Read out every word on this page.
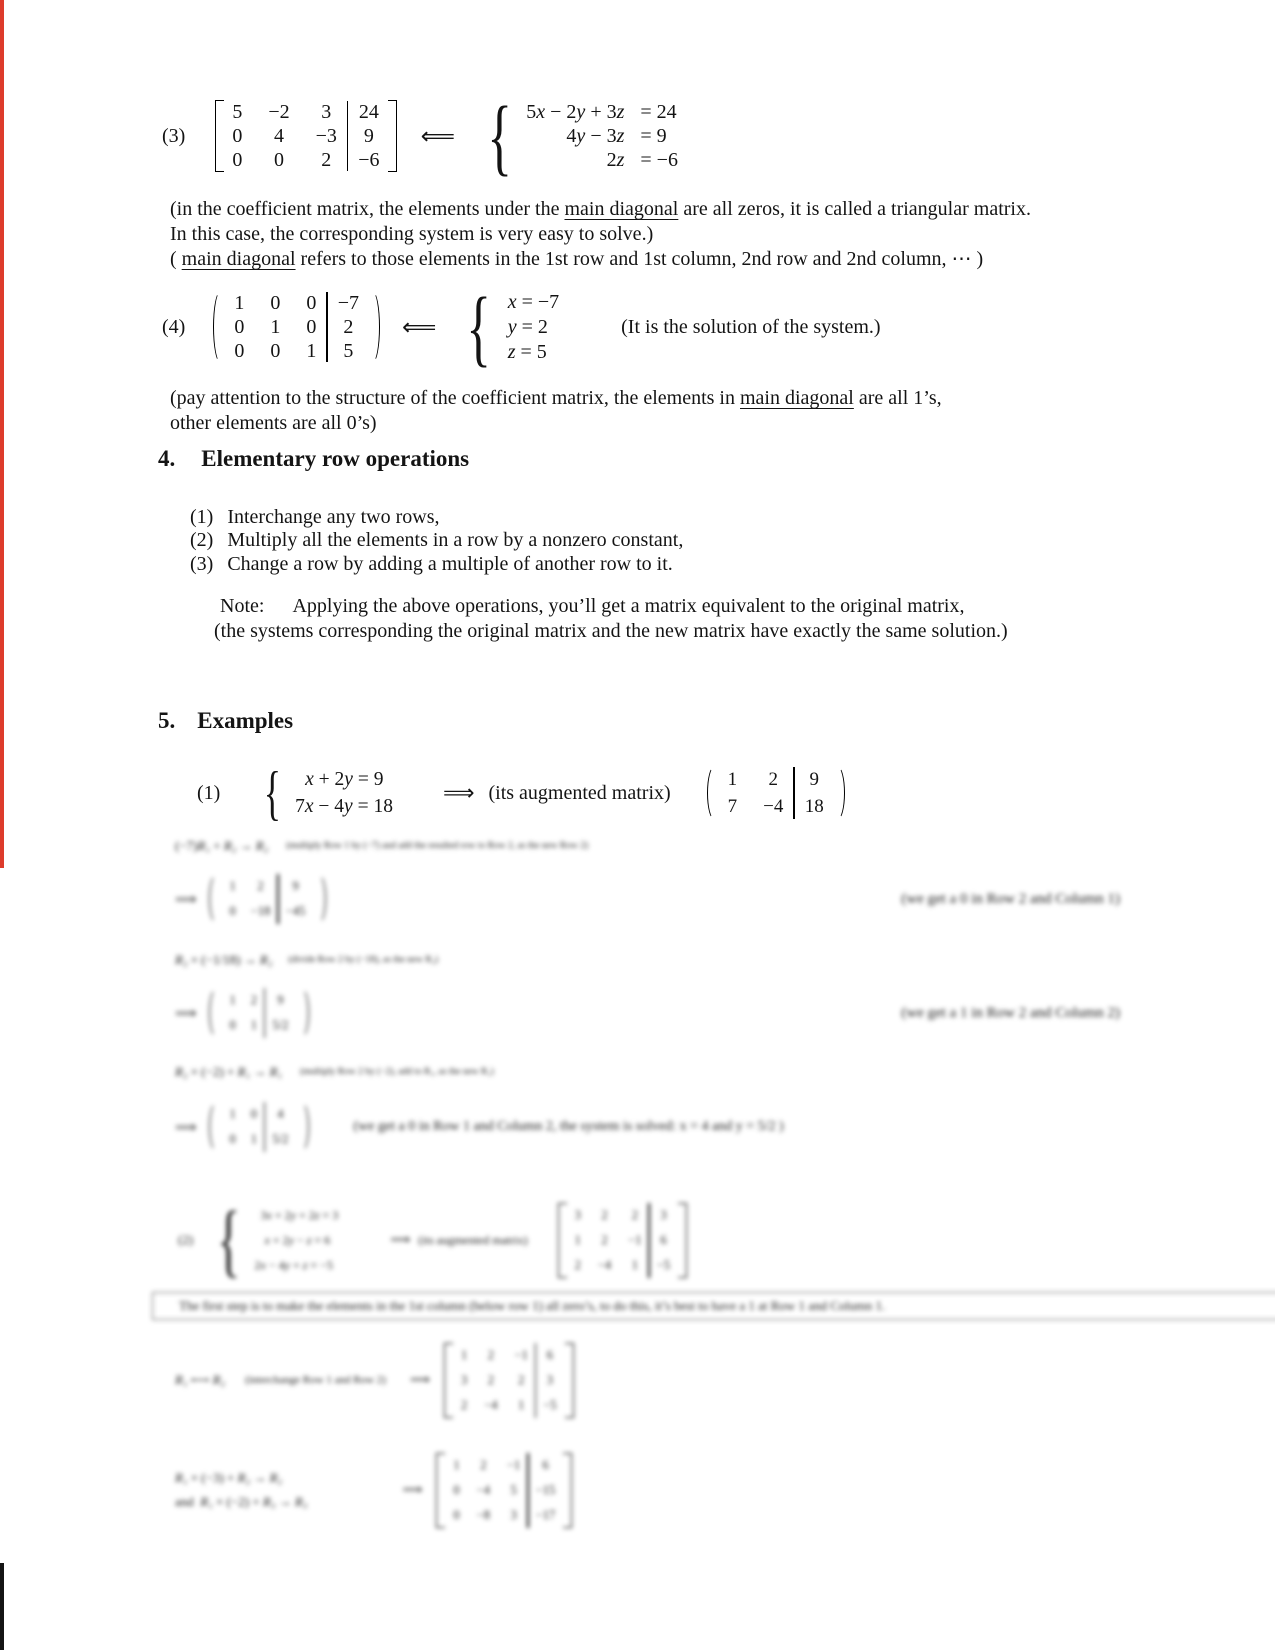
(3)
5 −2 3
0 4 −3
0 0 2
24
9
−6
⟸ { 5x − 2y + 3z = 24
4y − 3z = 9
2z = −6
(in the coefficient matrix, the elements under the main diagonal are all zeros, it is called a triangular matrix.
In this case, the corresponding system is very easy to solve.)
( main diagonal refers to those elements in the 1st row and 1st column, 2nd row and 2nd column, ⋯ )
(4)
1 0 0
0 1 0
0 0 1
−7
2
5
⟸ { x = −7
y = 2
z = 5
(It is the solution of the system.)
(pay attention to the structure of the coefficient matrix, the elements in main diagonal are all 1’s,
other elements are all 0’s)
4. Elementary row operations
(1) Interchange any two rows,
(2) Multiply all the elements in a row by a nonzero constant,
(3) Change a row by adding a multiple of another row to it.
Note: Applying the above operations, you’ll get a matrix equivalent to the original matrix,
(the systems corresponding the original matrix and the new matrix have exactly the same solution.)
5. Examples
(1) {	x + 2y = 9
7x − 4y = 18
⟹ (its augmented matrix)
1 2
7 −4
9
18
(−7)R₁ + R₂ → R₂ (multiply Row 1 by (−7) and add the resulted row to Row 2, as the new Row 2)
⟹
1 2
0 −18
9
−45
(we get a 0 in Row 2 and Column 1)
R₂ × (−1/18) → R₂ (divide Row 2 by (−18), as the new R₂)
⟹
1 2
0 1
9
5/2
(we get a 1 in Row 2 and Column 2)
R₂ × (−2) + R₁ → R₁ (multiply Row 2 by (−2), add to R₁, as the new R₁)
⟹
1 0
0 1
4
5/2
(we get a 0 in Row 1 and Column 2, the system is solved: x = 4 and y = 5/2 )
(2) {	3x + 2y + 2z = 3
x + 2y − z = 6
2x − 4y + z = −5
⟹ (its augmented matrix)
3 2 2
1 2 −1
2 −4 1
3
6
−5
The first step is to make the elements in the 1st column (below row 1) all zero’s, to do this, it’s best to have a 1 at Row 1 and Column 1.
R₁ ⟷ R₂ (interchange Row 1 and Row 2) ⟹
1 2 −1
3 2 2
2 −4 1
6
3
−5
R₁ × (−3) + R₂ → R₂
and R₁ × (−2) + R₃ → R₃
⟹
1 2 −1
0 −4 5
0 −8 3
6
−15
−17
